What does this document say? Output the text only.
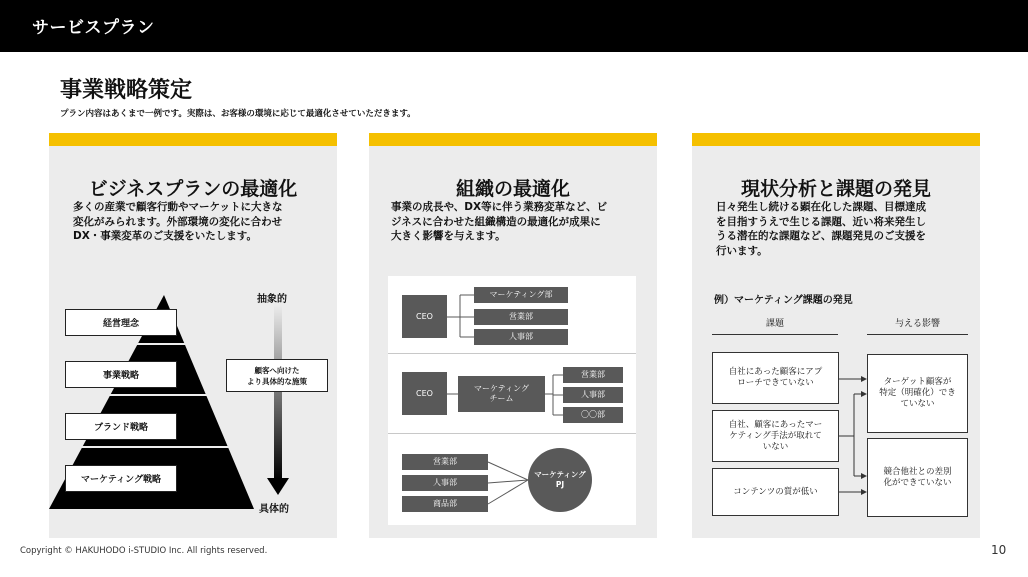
サービスプラン
事業戦略策定
プラン内容はあくまで一例です。実際は、お客様の環境に応じて最適化させていただきます。
ビジネスプランの最適化
多くの産業で顧客行動やマーケットに大きな
変化がみられます。外部環境の変化に合わせ
DX・事業変革のご支援をいたします。
経営理念
事業戦略
ブランド戦略
マーケティング戦略
顧客へ向けた
より具体的な施策
抽象的
具体的
組織の最適化
事業の成長や、DX等に伴う業務変革など、ビ
ジネスに合わせた組織構造の最適化が成果に
大きく影響を与えます。
CEO
マーケティング部
営業部
人事部
CEO	マーケティング
チーム
営業部
人事部
〇〇部
営業部
人事部
商品部
マーケティング
PJ
現状分析と課題の発見
日々発生し続ける顕在化した課題、目標達成
を目指すうえで生じる課題、近い将来発生し
うる潜在的な課題など、課題発見のご支援を
行います。
例）マーケティング課題の発見
課題	与える影響
自社にあった顧客にアプ
ローチできていない
自社、顧客にあったマー
ケティング手法が取れて
いない
コンテンツの質が低い
ターゲット顧客が
特定（明確化）でき
ていない
競合他社との差別
化ができていない
Copyright © HAKUHODO i-STUDIO Inc. All rights reserved.	10
